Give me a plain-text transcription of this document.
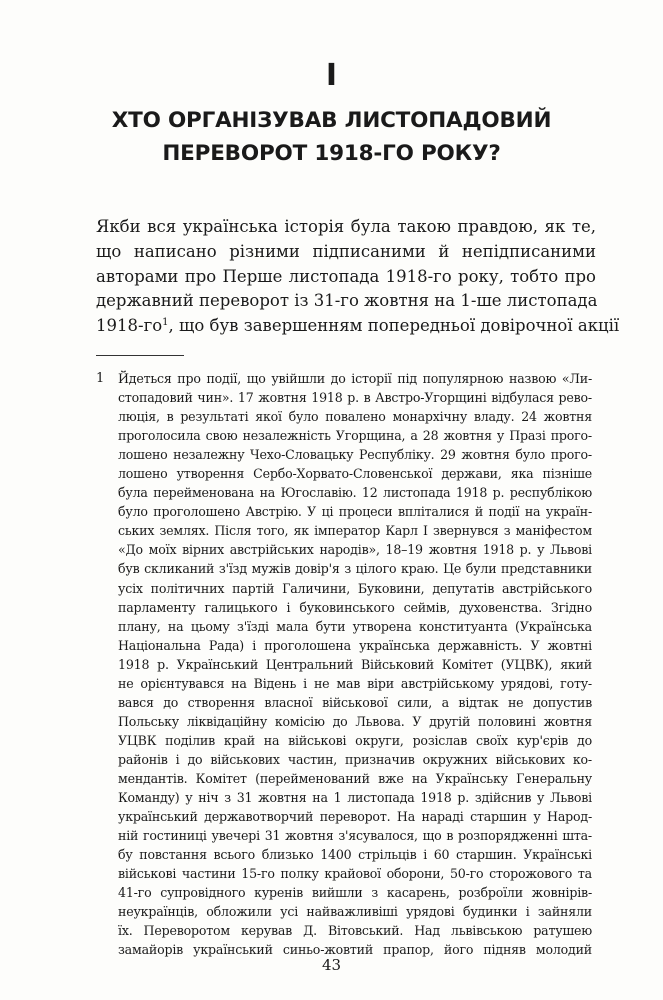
I
ХТО ОРГАНІЗУВАВ ЛИСТОПАДОВИЙ
ПЕРЕВОРОТ 1918-ГО РОКУ?
Якби вся українська історія була такою правдою, як те,
що написано різними підписаними й непідписаними
авторами про Перше листопада 1918-го року, тобто про
державний переворот із 31-го жовтня на 1-ше листопада
$1918-го^1$, що був завершенням попередньої довірочної акції
1 Йдеться про події, що увійшли до історії під популярною назвою «Ли-
стопадовий чин». 17 жовтня 1918 р. в Австро-Угорщині відбулася рево-
люція, в результаті якої було повалено монархічну владу. 24 жовтня
проголосила свою незалежність Угорщина, а 28 жовтня у Празі прого-
лошено незалежну Чехо-Словацьку Республіку. 29 жовтня було прого-
лошено утворення Сербо-Хорвато-Словенської держави, яка пізніше
була перейменована на Югославію. 12 листопада 1918 р. республікою
було проголошено Австрію. У ці процеси впліталися й події на україн-
ських землях. Після того, як імператор Карл I звернувся з маніфестом
«До моїх вірних австрійських народів», 18–19 жовтня 1918 р. у Львові
був скликаний з'їзд мужів довір'я з цілого краю. Це були представники
усіх політичних партій Галичини, Буковини, депутатів австрійського
парламенту галицького і буковинського сеймів, духовенства. Згідно
плану, на цьому з'їзді мала бути утворена конституанта (Українська
Національна Рада) і проголошена українська державність. У жовтні
1918 р. Український Центральний Військовий Комітет (УЦВК), який
не орієнтувався на Відень і не мав віри австрійському урядові, готу-
вався до створення власної військової сили, а відтак не допустив
Польську ліквідаційну комісію до Львова. У другій половині жовтня
УЦВК поділив край на військові округи, розіслав своїх кур'єрів до
районів і до військових частин, призначив окружних військових ко-
мендантів. Комітет (перейменований вже на Українську Генеральну
Команду) у ніч з 31 жовтня на 1 листопада 1918 р. здійснив у Львові
український державотворчий переворот. На нараді старшин у Народ-
ній гостиниці увечері 31 жовтня з'ясувалося, що в розпорядженні шта-
бу повстання всього близько 1400 стрільців і 60 старшин. Українські
військові частини 15-го полку крайової оборони, 50-го сторожового та
41-го супровідного куренів вийшли з касарень, розброїли жовнірів-
неукраїнців, обложили усі найважливіші урядові будинки і зайняли
їх. Переворотом керував Д. Вітовський. Над львівською ратушею
замайорів український синьо-жовтий прапор, його підняв молодий
43
